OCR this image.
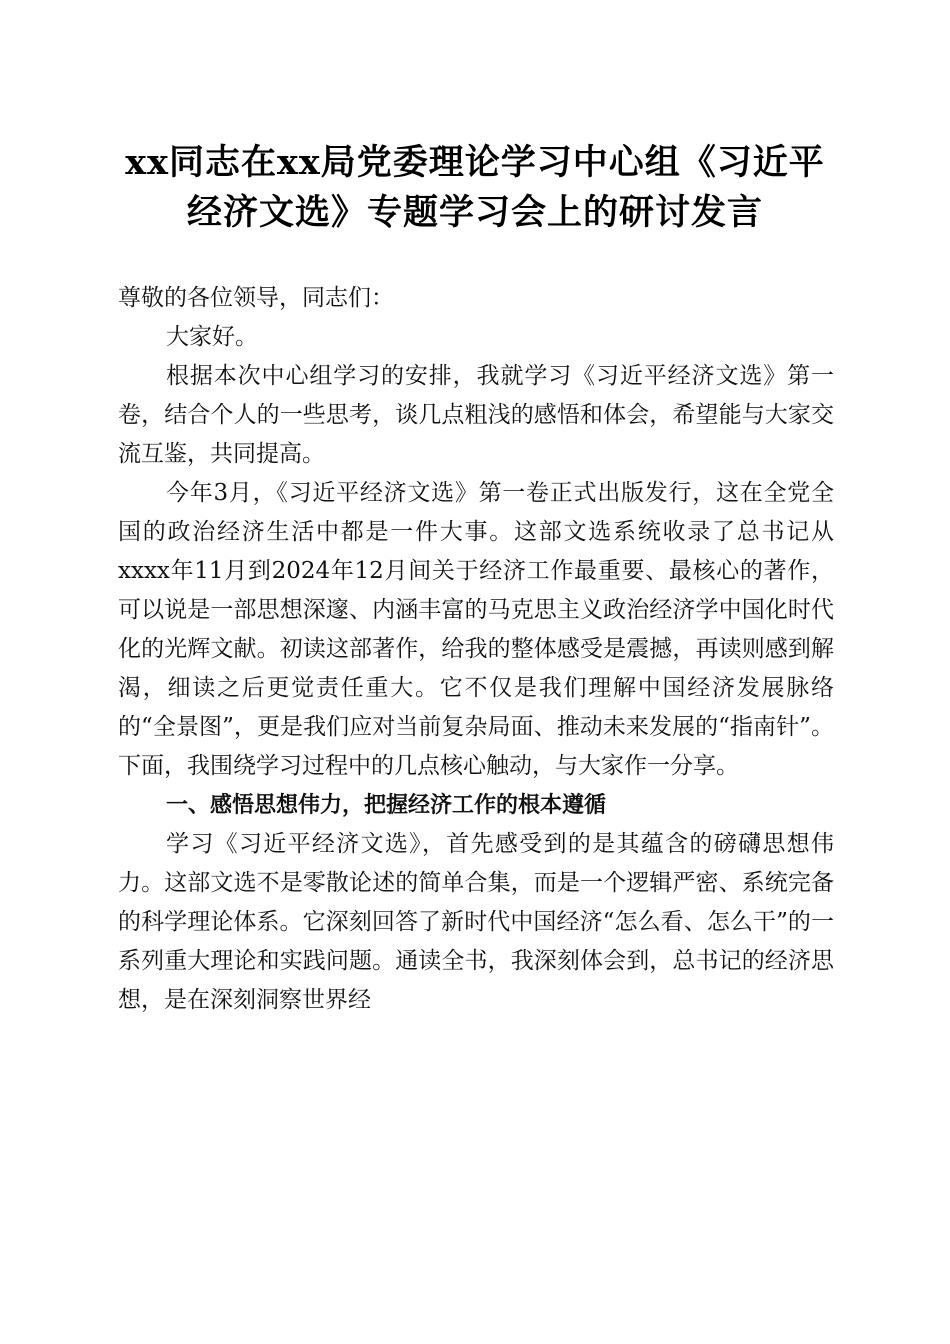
xx同志在xx局党委理论学习中心组《习近平
经济文选》专题学习会上的研讨发言

尊敬的各位领导，同志们：

大家好。

根据本次中心组学习的安排，我就学习《习近平经济文选》第一卷，结合个人的一些思考，谈几点粗浅的感悟和体会，希望能与大家交流互鉴，共同提高。

今年3月，《习近平经济文选》第一卷正式出版发行，这在全党全国的政治经济生活中都是一件大事。这部文选系统收录了总书记从xxxx年11月到2024年12月间关于经济工作最重要、最核心的著作，可以说是一部思想深邃、内涵丰富的马克思主义政治经济学中国化时代化的光辉文献。初读这部著作，给我的整体感受是震撼，再读则感到解渴，细读之后更觉责任重大。它不仅是我们理解中国经济发展脉络的“全景图”，更是我们应对当前复杂局面、推动未来发展的“指南针”。下面，我围绕学习过程中的几点核心触动，与大家作一分享。

一、感悟思想伟力，把握经济工作的根本遵循

学习《习近平经济文选》，首先感受到的是其蕴含的磅礴思想伟力。这部文选不是零散论述的简单合集，而是一个逻辑严密、系统完备的科学理论体系。它深刻回答了新时代中国经济“怎么看、怎么干”的一系列重大理论和实践问题。通读全书，我深刻体会到，总书记的经济思想，是在深刻洞察世界经
